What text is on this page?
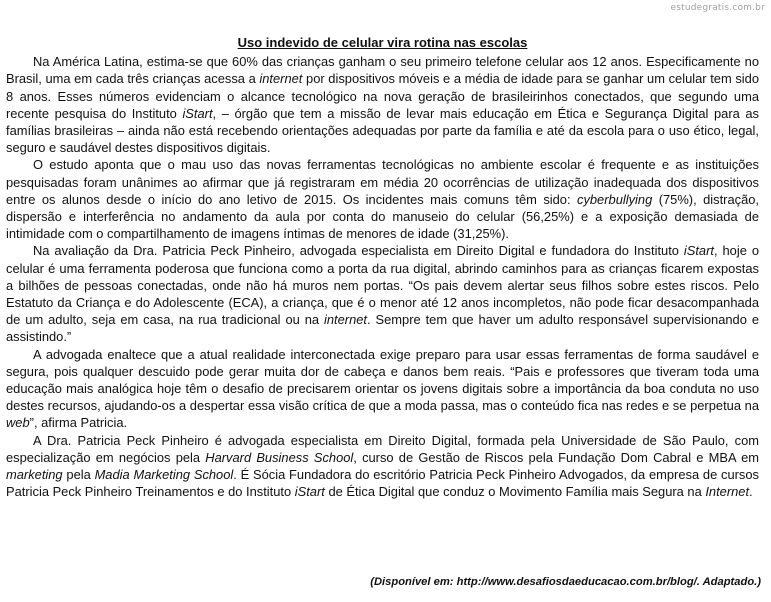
estudegratis.com.br
Uso indevido de celular vira rotina nas escolas

Na América Latina, estima-se que 60% das crianças ganham o seu primeiro telefone celular aos 12 anos. Especificamente no Brasil, uma em cada três crianças acessa a internet por dispositivos móveis e a média de idade para se ganhar um celular tem sido 8 anos. Esses números evidenciam o alcance tecnológico na nova geração de brasileirinhos conectados, que segundo uma recente pesquisa do Instituto iStart, – órgão que tem a missão de levar mais educação em Ética e Segurança Digital para as famílias brasileiras – ainda não está recebendo orientações adequadas por parte da família e até da escola para o uso ético, legal, seguro e saudável destes dispositivos digitais.

O estudo aponta que o mau uso das novas ferramentas tecnológicas no ambiente escolar é frequente e as instituições pesquisadas foram unânimes ao afirmar que já registraram em média 20 ocorrências de utilização inadequada dos dispositivos entre os alunos desde o início do ano letivo de 2015. Os incidentes mais comuns têm sido: cyberbullying (75%), distração, dispersão e interferência no andamento da aula por conta do manuseio do celular (56,25%) e a exposição demasiada de intimidade com o compartilhamento de imagens íntimas de menores de idade (31,25%).

Na avaliação da Dra. Patricia Peck Pinheiro, advogada especialista em Direito Digital e fundadora do Instituto iStart, hoje o celular é uma ferramenta poderosa que funciona como a porta da rua digital, abrindo caminhos para as crianças ficarem expostas a bilhões de pessoas conectadas, onde não há muros nem portas. “Os pais devem alertar seus filhos sobre estes riscos. Pelo Estatuto da Criança e do Adolescente (ECA), a criança, que é o menor até 12 anos incompletos, não pode ficar desacompanhada de um adulto, seja em casa, na rua tradicional ou na internet. Sempre tem que haver um adulto responsável supervisionando e assistindo.”

A advogada enaltece que a atual realidade interconectada exige preparo para usar essas ferramentas de forma saudável e segura, pois qualquer descuido pode gerar muita dor de cabeça e danos bem reais. “Pais e professores que tiveram toda uma educação mais analógica hoje têm o desafio de precisarem orientar os jovens digitais sobre a importância da boa conduta no uso destes recursos, ajudando-os a despertar essa visão crítica de que a moda passa, mas o conteúdo fica nas redes e se perpetua na web”, afirma Patricia.

A Dra. Patricia Peck Pinheiro é advogada especialista em Direito Digital, formada pela Universidade de São Paulo, com especialização em negócios pela Harvard Business School, curso de Gestão de Riscos pela Fundação Dom Cabral e MBA em marketing pela Madia Marketing School. É Sócia Fundadora do escritório Patricia Peck Pinheiro Advogados, da empresa de cursos Patricia Peck Pinheiro Treinamentos e do Instituto iStart de Ética Digital que conduz o Movimento Família mais Segura na Internet.

(Disponível em: http://www.desafiosdaeducacao.com.br/blog/. Adaptado.)
